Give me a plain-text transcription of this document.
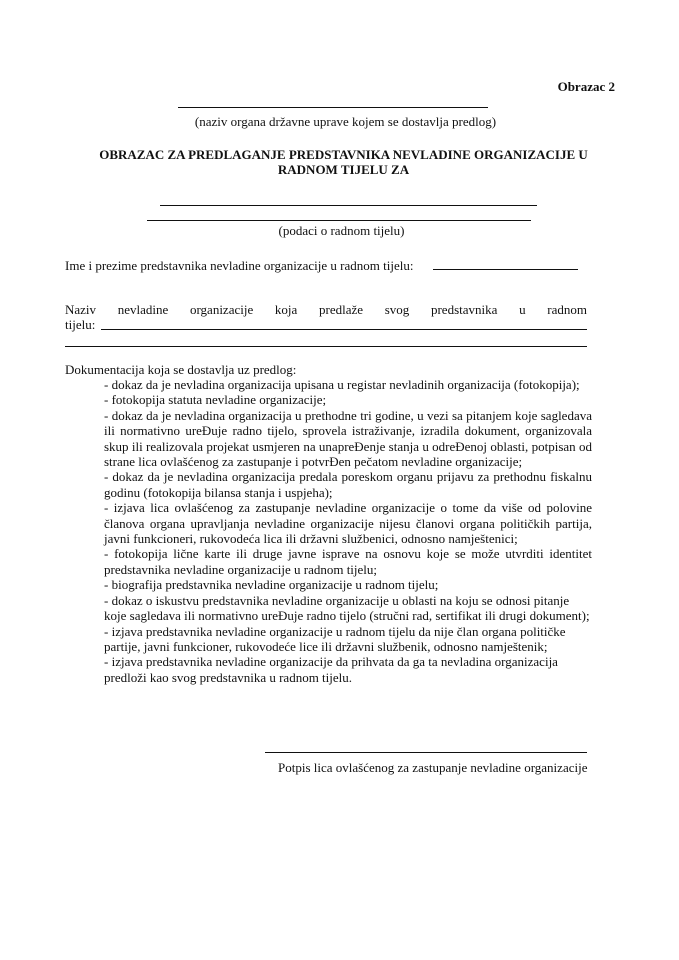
Obrazac 2
(naziv organa državne uprave kojem se dostavlja predlog)
OBRAZAC ZA PREDLAGANJE PREDSTAVNIKA NEVLADINE ORGANIZACIJE U
RADNOM TIJELU ZA
(podaci o radnom tijelu)
Ime i prezime predstavnika nevladine organizacije u radnom tijelu:
Naziv nevladine organizacije koja predlaže svog predstavnika u radnom
tijelu:
Dokumentacija koja se dostavlja uz predlog:

- dokaz da je nevladina organizacija upisana u registar nevladinih organizacija (fotokopija);

- fotokopija statuta nevladine organizacije;

- dokaz da je nevladina organizacija u prethodne tri godine, u vezi sa pitanjem koje sagledava ili normativno ureĐuje radno tijelo, sprovela istraživanje, izradila dokument, organizovala skup ili realizovala projekat usmjeren na unapreĐenje stanja u odreĐenoj oblasti, potpisan od strane lica ovlašćenog za zastupanje i potvrĐen pečatom nevladine organizacije;

- dokaz da je nevladina organizacija predala poreskom organu prijavu za prethodnu fiskalnu godinu (fotokopija bilansa stanja i uspjeha);

- izjava lica ovlašćenog za zastupanje nevladine organizacije o tome da više od polovine članova organa upravljanja nevladine organizacije nijesu članovi organa političkih partija, javni funkcioneri, rukovodeća lica ili državni službenici, odnosno namještenici;

- fotokopija lične karte ili druge javne isprave na osnovu koje se može utvrditi identitet predstavnika nevladine organizacije u radnom tijelu;

- biografija predstavnika nevladine organizacije u radnom tijelu;

- dokaz o iskustvu predstavnika nevladine organizacije u oblasti na koju se odnosi pitanje koje sagledava ili normativno ureĐuje radno tijelo (stručni rad, sertifikat ili drugi dokument);

- izjava predstavnika nevladine organizacije u radnom tijelu da nije član organa političke partije, javni funkcioner, rukovodeće lice ili državni službenik, odnosno namještenik;

- izjava predstavnika nevladine organizacije da prihvata da ga ta nevladina organizacija predloži kao svog predstavnika u radnom tijelu.

Potpis lica ovlašćenog za zastupanje nevladine organizacije
